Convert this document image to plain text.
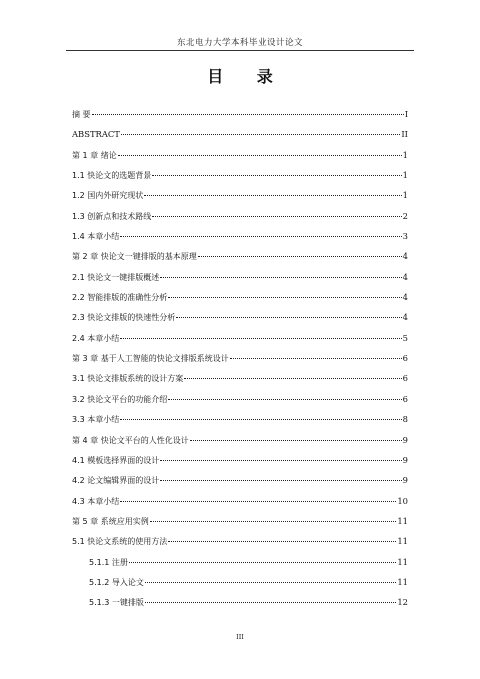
东北电力大学本科毕业设计论文
目 录
摘 要	I
ABSTRACT	II
第 1 章 绪论	1
1.1 快论文的选题背景	1
1.2 国内外研究现状	1
1.3 创新点和技术路线	2
1.4 本章小结	3
第 2 章 快论文一键排版的基本原理	4
2.1 快论文一键排版概述	4
2.2 智能排版的准确性分析	4
2.3 快论文排版的快速性分析	4
2.4 本章小结	5
第 3 章 基于人工智能的快论文排版系统设计	6
3.1 快论文排版系统的设计方案	6
3.2 快论文平台的功能介绍	6
3.3 本章小结	8
第 4 章 快论文平台的人性化设计	9
4.1 模板选择界面的设计	9
4.2 论文编辑界面的设计	9
4.3 本章小结	10
第 5 章 系统应用实例	11
5.1 快论文系统的使用方法	11
5.1.1 注册	11
5.1.2 导入论文	11
5.1.3 一键排版	12
III
